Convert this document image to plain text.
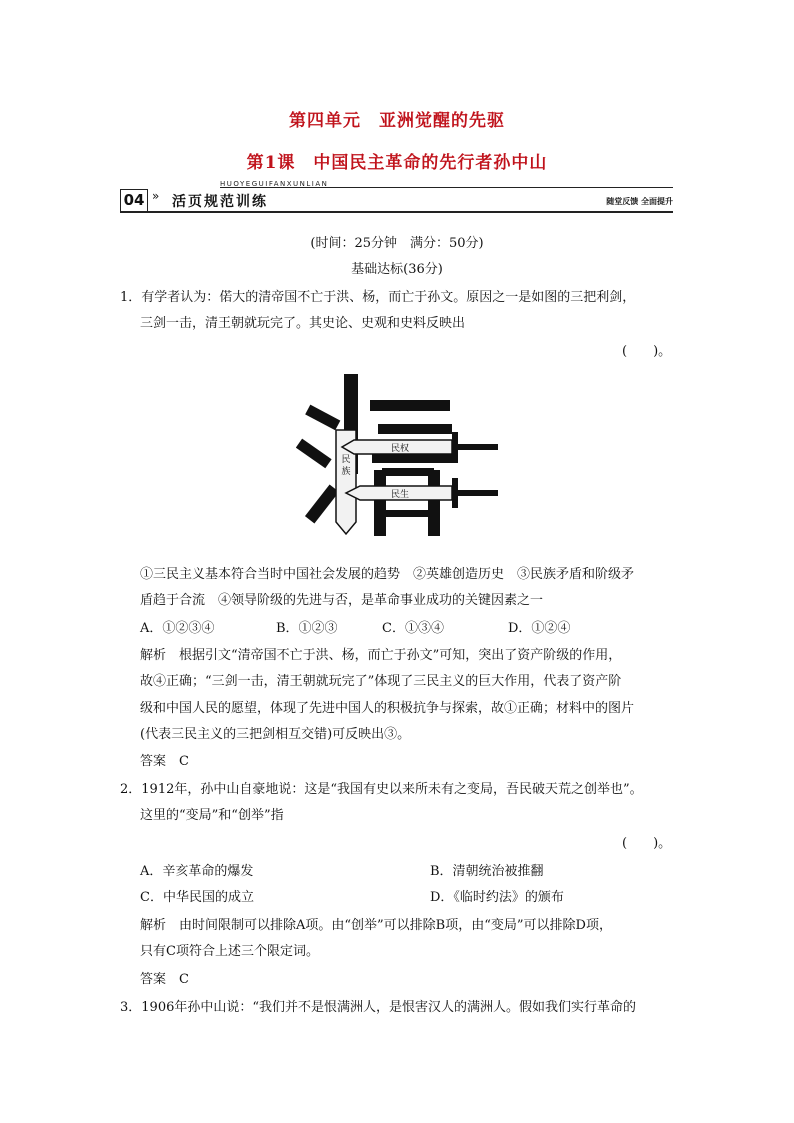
第四单元　亚洲觉醒的先驱
第1课　中国民主革命的先行者孙中山
HUOYEGUIFANXUNLIAN
04 » 活页规范训练	随堂反馈 全面提升
(时间：25分钟　满分：50分)
基础达标(36分)
1．有学者认为：偌大的清帝国不亡于洪、杨，而亡于孙文。原因之一是如图的三把利剑，
三剑一击，清王朝就玩完了。其史论、史观和史料反映出
(　　)。
民
族
民权
民生
①三民主义基本符合当时中国社会发展的趋势　②英雄创造历史　③民族矛盾和阶级矛
盾趋于合流　④领导阶级的先进与否，是革命事业成功的关键因素之一
A．①②③④	B．①②③	C．①③④	D．①②④
解析　根据引文“清帝国不亡于洪、杨，而亡于孙文”可知，突出了资产阶级的作用，
故④正确；“三剑一击，清王朝就玩完了”体现了三民主义的巨大作用，代表了资产阶
级和中国人民的愿望，体现了先进中国人的积极抗争与探索，故①正确；材料中的图片
(代表三民主义的三把剑相互交错)可反映出③。
答案　C
2．1912年，孙中山自豪地说：这是“我国有史以来所未有之变局，吾民破天荒之创举也”。
这里的“变局”和“创举”指
(　　)。
A．辛亥革命的爆发	B．清朝统治被推翻
C．中华民国的成立	D．《临时约法》的颁布
解析　由时间限制可以排除A项。由“创举”可以排除B项，由“变局”可以排除D项，
只有C项符合上述三个限定词。
答案　C
3．1906年孙中山说：“我们并不是恨满洲人，是恨害汉人的满洲人。假如我们实行革命的
